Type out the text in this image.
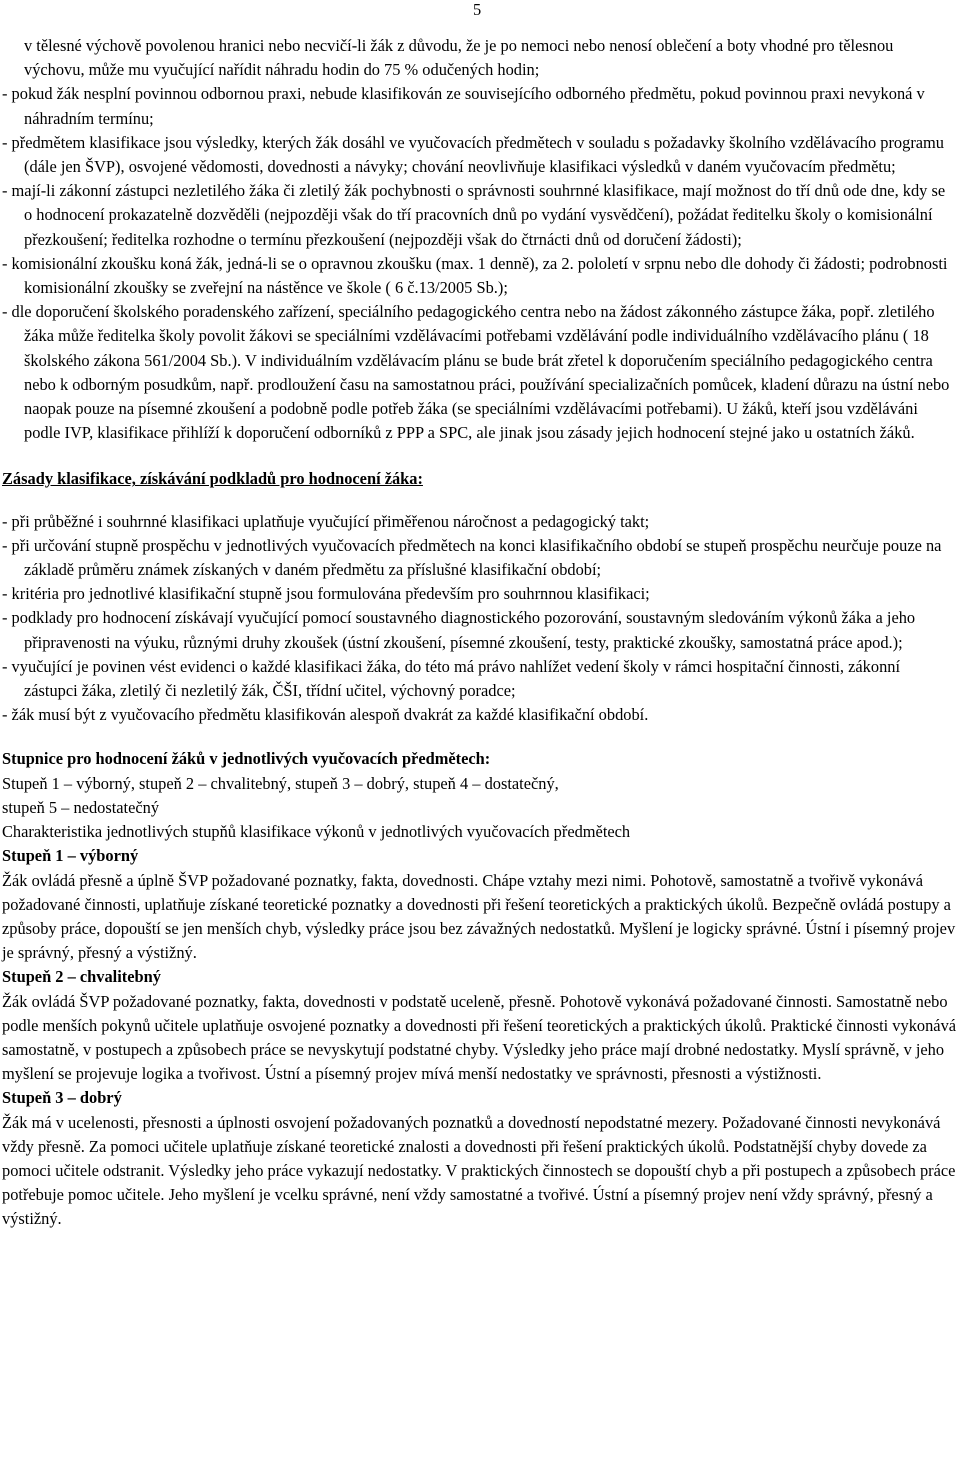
5

v tělesné výchově povolenou hranici nebo necvičí-li žák z důvodu, že je po nemoci nebo nenosí oblečení a boty vhodné pro tělesnou výchovu, může mu vyučující nařídit náhradu hodin do 75 % odučených hodin;

- pokud žák nesplní povinnou odbornou praxi, nebude klasifikován ze souvisejícího odborného předmětu, pokud povinnou praxi nevykoná v náhradním termínu;

- předmětem klasifikace jsou výsledky, kterých žák dosáhl ve vyučovacích předmětech v souladu s požadavky školního vzdělávacího programu (dále jen ŠVP), osvojené vědomosti, dovednosti a návyky; chování neovlivňuje klasifikaci výsledků v daném vyučovacím předmětu;

- mají-li zákonní zástupci nezletilého žáka či zletilý žák pochybnosti o správnosti souhrnné klasifikace, mají možnost do tří dnů ode dne, kdy se o hodnocení prokazatelně dozvěděli (nejpozději však do tří pracovních dnů po vydání vysvědčení), požádat ředitelku školy o komisionální přezkoušení; ředitelka rozhodne o termínu přezkoušení (nejpozději však do čtrnácti dnů od doručení žádosti);

- komisionální zkoušku koná žák, jedná-li se o opravnou zkoušku (max. 1 denně), za 2. pololetí v srpnu nebo dle dohody či žádosti; podrobnosti komisionální zkoušky se zveřejní na nástěnce ve škole ( 6 č.13/2005 Sb.);

- dle doporučení školského poradenského zařízení, speciálního pedagogického centra nebo na žádost zákonného zástupce žáka, popř. zletilého žáka může ředitelka školy povolit žákovi se speciálními vzdělávacími potřebami vzdělávání podle individuálního vzdělávacího plánu ( 18 školského zákona 561/2004 Sb.). V individuálním vzdělávacím plánu se bude brát zřetel k doporučením speciálního pedagogického centra nebo k odborným posudkům, např. prodloužení času na samostatnou práci, používání specializačních pomůcek, kladení důrazu na ústní nebo naopak pouze na písemné zkoušení a podobně podle potřeb žáka (se speciálními vzdělávacími potřebami). U žáků, kteří jsou vzděláváni podle IVP, klasifikace přihlíží k doporučení odborníků z PPP a SPC, ale jinak jsou zásady jejich hodnocení stejné jako u ostatních žáků.

Zásady klasifikace, získávání podkladů pro hodnocení žáka:

- při průběžné i souhrnné klasifikaci uplatňuje vyučující přiměřenou náročnost a pedagogický takt;

- při určování stupně prospěchu v jednotlivých vyučovacích předmětech na konci klasifikačního období se stupeň prospěchu neurčuje pouze na základě průměru známek získaných v daném předmětu za příslušné klasifikační období;

- kritéria pro jednotlivé klasifikační stupně jsou formulována především pro souhrnnou klasifikaci;

- podklady pro hodnocení získávají vyučující pomocí soustavného diagnostického pozorování, soustavným sledováním výkonů žáka a jeho připravenosti na výuku, různými druhy zkoušek (ústní zkoušení, písemné zkoušení, testy, praktické zkoušky, samostatná práce apod.);

- vyučující je povinen vést evidenci o každé klasifikaci žáka, do této má právo nahlížet vedení školy v rámci hospitační činnosti, zákonní zástupci žáka, zletilý či nezletilý žák, ČŠI, třídní učitel, výchovný poradce;

- žák musí být z vyučovacího předmětu klasifikován alespoň dvakrát za každé klasifikační období.

Stupnice pro hodnocení žáků v jednotlivých vyučovacích předmětech:

Stupeň 1 – výborný, stupeň 2 – chvalitebný, stupeň 3 – dobrý, stupeň 4 – dostatečný,

stupeň 5 – nedostatečný

Charakteristika jednotlivých stupňů klasifikace výkonů v jednotlivých vyučovacích předmětech

Stupeň 1 – výborný

Žák ovládá přesně a úplně ŠVP požadované poznatky, fakta, dovednosti. Chápe vztahy mezi nimi. Pohotově, samostatně a tvořivě vykonává požadované činnosti, uplatňuje získané teoretické poznatky a dovednosti při řešení teoretických a praktických úkolů. Bezpečně ovládá postupy a způsoby práce, dopouští se jen menších chyb, výsledky práce jsou bez závažných nedostatků. Myšlení je logicky správné. Ústní i písemný projev je správný, přesný a výstižný.

Stupeň 2 – chvalitebný

Žák ovládá ŠVP požadované poznatky, fakta, dovednosti v podstatě uceleně, přesně. Pohotově vykonává požadované činnosti. Samostatně nebo podle menších pokynů učitele uplatňuje osvojené poznatky a dovednosti při řešení teoretických a praktických úkolů. Praktické činnosti vykonává samostatně, v postupech a způsobech práce se nevyskytují podstatné chyby. Výsledky jeho práce mají drobné nedostatky. Myslí správně, v jeho myšlení se projevuje logika a tvořivost. Ústní a písemný projev mívá menší nedostatky ve správnosti, přesnosti a výstižnosti.

Stupeň 3 – dobrý

Žák má v ucelenosti, přesnosti a úplnosti osvojení požadovaných poznatků a dovedností nepodstatné mezery. Požadované činnosti nevykonává vždy přesně. Za pomoci učitele uplatňuje získané teoretické znalosti a dovednosti při řešení praktických úkolů. Podstatnější chyby dovede za pomoci učitele odstranit. Výsledky jeho práce vykazují nedostatky. V praktických činnostech se dopouští chyb a při postupech a způsobech práce potřebuje pomoc učitele. Jeho myšlení je vcelku správné, není vždy samostatné a tvořivé. Ústní a písemný projev není vždy správný, přesný a výstižný.
